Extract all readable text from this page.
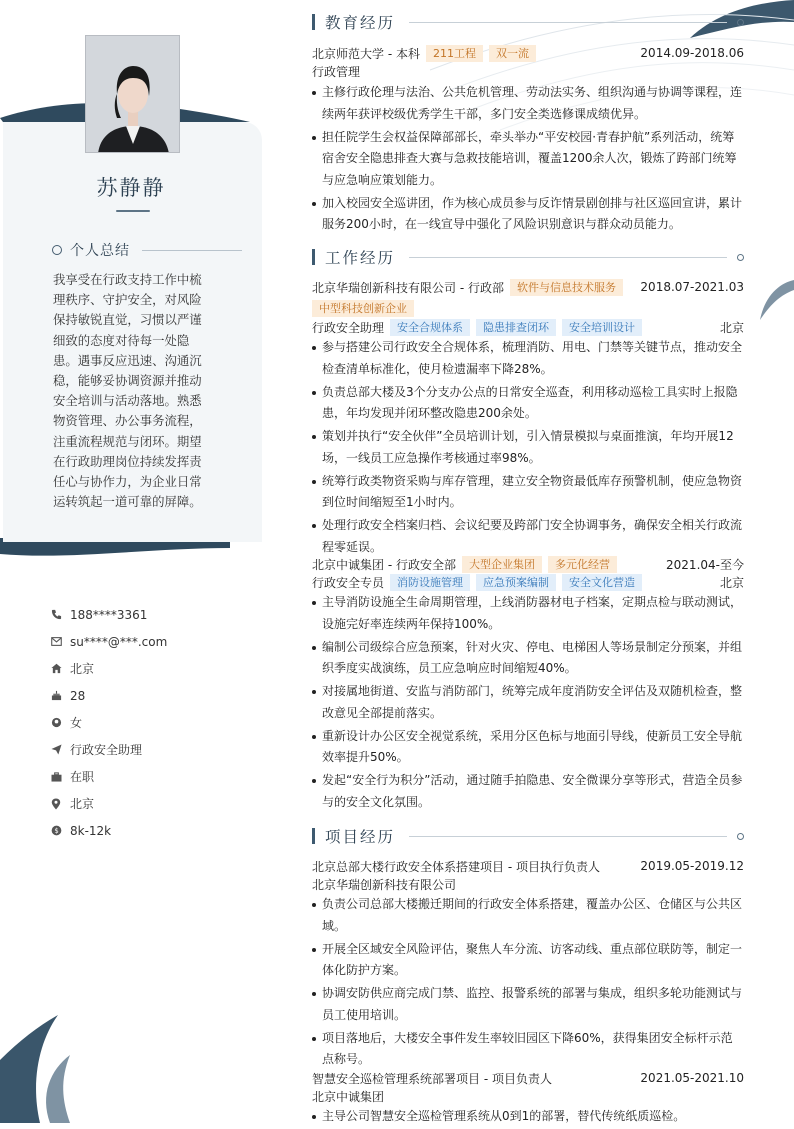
苏静静
个人总结
我享受在行政支持工作中梳理秩序、守护安全，对风险保持敏锐直觉，习惯以严谨细致的态度对待每一处隐患。遇事反应迅速、沟通沉稳，能够妥协调资源并推动安全培训与活动落地。熟悉物资管理、办公事务流程，注重流程规范与闭环。期望在行政助理岗位持续发挥责任心与协作力，为企业日常运转筑起一道可靠的屏障。
188****3361
su****@***.com
北京
28
女
行政安全助理
在职
北京
$ 8k-12k
教育经历
北京师范大学 - 本科	211工程	双一流	2014.09-2018.06
行政管理
主修行政伦理与法治、公共危机管理、劳动法实务、组织沟通与协调等课程，连续两年获评校级优秀学生干部，多门安全类选修课成绩优异。
担任院学生会权益保障部部长，牵头举办“平安校园·青春护航”系列活动，统筹宿舍安全隐患排查大赛与急救技能培训，覆盖1200余人次，锻炼了跨部门统筹与应急响应策划能力。
加入校园安全巡讲团，作为核心成员参与反诈情景剧创排与社区巡回宣讲，累计服务200小时，在一线宣导中强化了风险识别意识与群众动员能力。
工作经历
北京华瑞创新科技有限公司 - 行政部	软件与信息技术服务	2018.07-2021.03
中型科技创新企业
行政安全助理	安全合规体系	隐患排查闭环	安全培训设计	北京
参与搭建公司行政安全合规体系，梳理消防、用电、门禁等关键节点，推动安全检查清单标准化，使月检遗漏率下降28%。
负责总部大楼及3个分支办公点的日常安全巡查，利用移动巡检工具实时上报隐患，年均发现并闭环整改隐患200余处。
策划并执行“安全伙伴”全员培训计划，引入情景模拟与桌面推演，年均开展12场，一线员工应急操作考核通过率98%。
统筹行政类物资采购与库存管理，建立安全物资最低库存预警机制，使应急物资到位时间缩短至1小时内。
处理行政安全档案归档、会议纪要及跨部门安全协调事务，确保安全相关行政流程零延误。
北京中诚集团 - 行政安全部	大型企业集团	多元化经营	2021.04-至今
行政安全专员	消防设施管理	应急预案编制	安全文化营造	北京
主导消防设施全生命周期管理，上线消防器材电子档案，定期点检与联动测试，设施完好率连续两年保持100%。
编制公司级综合应急预案，针对火灾、停电、电梯困人等场景制定分预案，并组织季度实战演练，员工应急响应时间缩短40%。
对接属地街道、安监与消防部门，统筹完成年度消防安全评估及双随机检查，整改意见全部提前落实。
重新设计办公区安全视觉系统，采用分区色标与地面引导线，使新员工安全导航效率提升50%。
发起“安全行为积分”活动，通过随手拍隐患、安全微课分享等形式，营造全员参与的安全文化氛围。
项目经历
北京总部大楼行政安全体系搭建项目 - 项目执行负责人	2019.05-2019.12
北京华瑞创新科技有限公司
负责公司总部大楼搬迁期间的行政安全体系搭建，覆盖办公区、仓储区与公共区域。
开展全区域安全风险评估，聚焦人车分流、访客动线、重点部位联防等，制定一体化防护方案。
协调安防供应商完成门禁、监控、报警系统的部署与集成，组织多轮功能测试与员工使用培训。
项目落地后，大楼安全事件发生率较旧园区下降60%，获得集团安全标杆示范点称号。
智慧安全巡检管理系统部署项目 - 项目负责人	2021.05-2021.10
北京中诚集团
主导公司智慧安全巡检管理系统从0到1的部署，替代传统纸质巡检。
